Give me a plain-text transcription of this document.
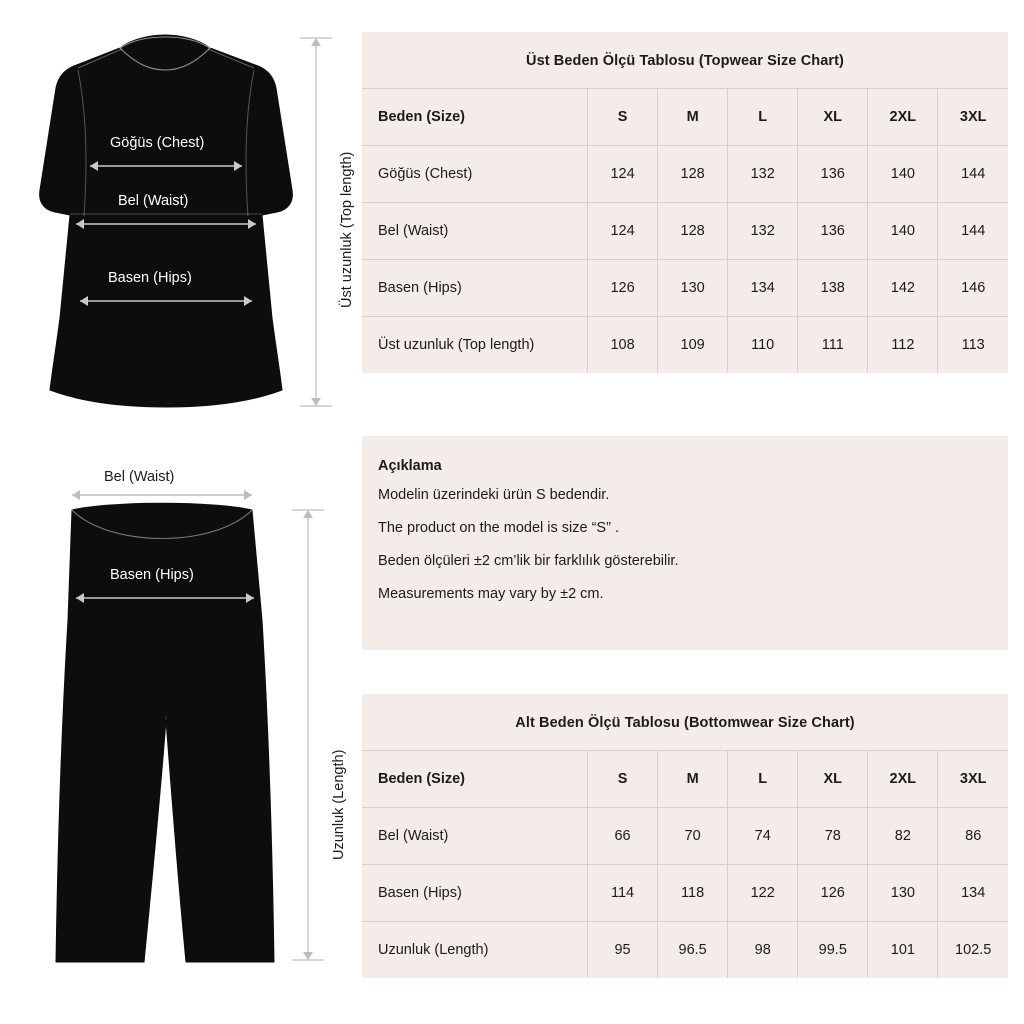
Göğüs (Chest)
Bel (Waist)
Basen (Hips)	Üst uzunluk (Top length)
Bel (Waist)
Basen (Hips)
Uzunluk (Length)
Üst Beden Ölçü Tablosu (Topwear Size Chart)
Beden (Size)	S	M	L	XL	2XL	3XL
Göğüs (Chest)	124	128	132	136	140	144
Bel (Waist)	124	128	132	136	140	144
Basen (Hips)	126	130	134	138	142	146
Üst uzunluk (Top length)	108	109	110	111	112	113
Açıklama

Modelin üzerindeki ürün S bedendir.

The product on the model is size “S” .

Beden ölçüleri ±2 cm’lik bir farklılık gösterebilir.

Measurements may vary by ±2 cm.

Alt Beden Ölçü Tablosu (Bottomwear Size Chart)
Beden (Size)	S	M	L	XL	2XL	3XL
Bel (Waist)	66	70	74	78	82	86
Basen (Hips)	114	118	122	126	130	134
Uzunluk (Length)	95	96.5	98	99.5	101	102.5
